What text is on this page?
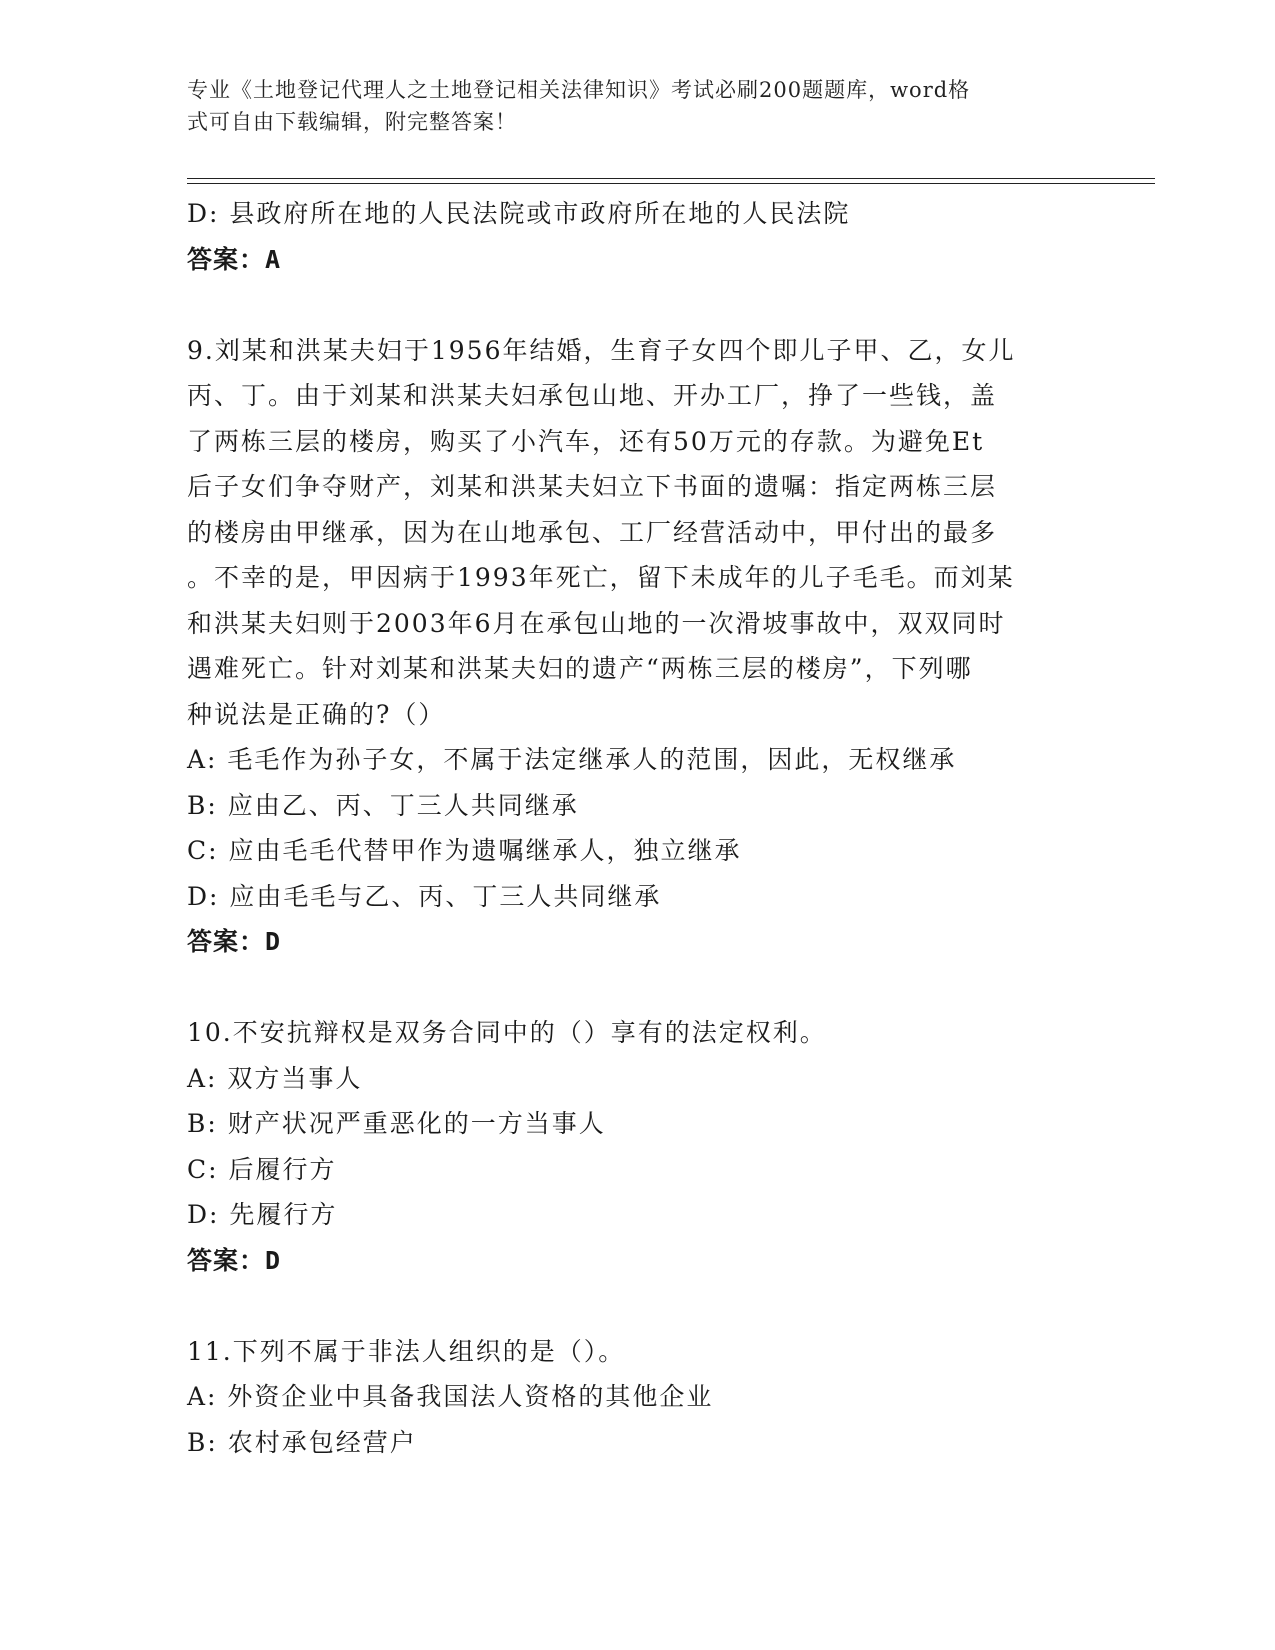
专业《土地登记代理人之土地登记相关法律知识》考试必刷200题题库，word格
式可自由下载编辑，附完整答案！
D: 县政府所在地的人民法院或市政府所在地的人民法院
答案：A
9.刘某和洪某夫妇于1956年结婚，生育子女四个即儿子甲、乙，女儿
丙、丁。由于刘某和洪某夫妇承包山地、开办工厂，挣了一些钱，盖
了两栋三层的楼房，购买了小汽车，还有50万元的存款。为避免Et
后子女们争夺财产，刘某和洪某夫妇立下书面的遗嘱：指定两栋三层
的楼房由甲继承，因为在山地承包、工厂经营活动中，甲付出的最多
。不幸的是，甲因病于1993年死亡，留下未成年的儿子毛毛。而刘某
和洪某夫妇则于2003年6月在承包山地的一次滑坡事故中，双双同时
遇难死亡。针对刘某和洪某夫妇的遗产“两栋三层的楼房”，下列哪
种说法是正确的?（）
A: 毛毛作为孙子女，不属于法定继承人的范围，因此，无权继承
B: 应由乙、丙、丁三人共同继承
C: 应由毛毛代替甲作为遗嘱继承人，独立继承
D: 应由毛毛与乙、丙、丁三人共同继承
答案：D
10.不安抗辩权是双务合同中的（）享有的法定权利。
A: 双方当事人
B: 财产状况严重恶化的一方当事人
C: 后履行方
D: 先履行方
答案：D
11.下列不属于非法人组织的是（）。
A: 外资企业中具备我国法人资格的其他企业
B: 农村承包经营户
